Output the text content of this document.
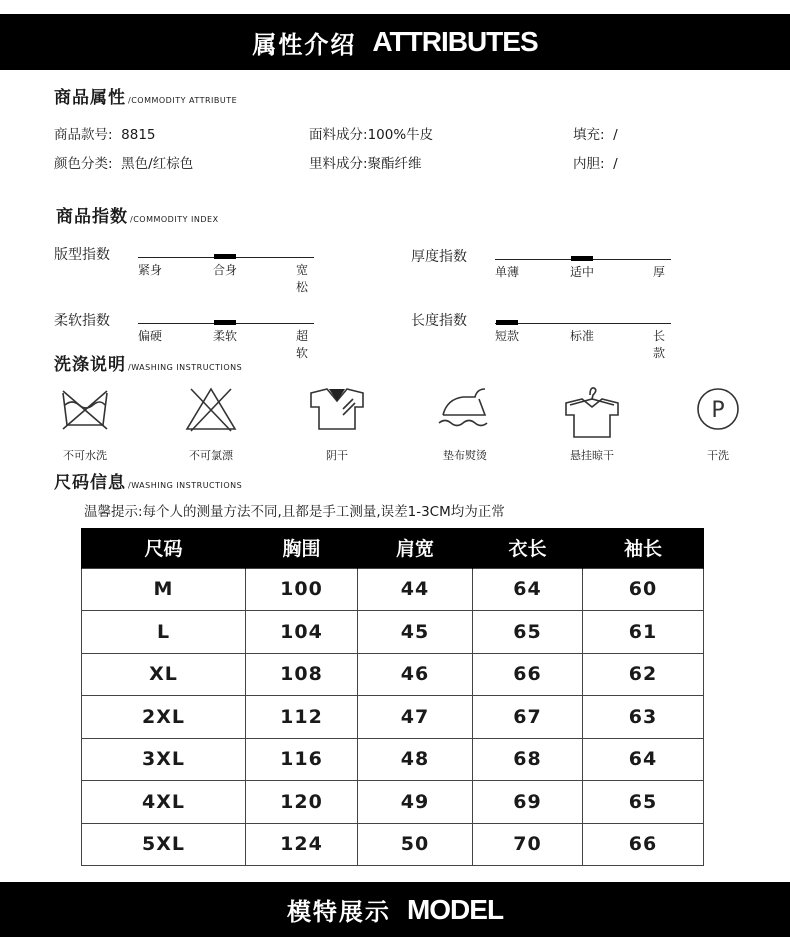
属性介绍 ATTRIBUTES
商品属性 /COMMODITY ATTRIBUTE
商品款号: 8815	面料成分:100%牛皮	填充: /
颜色分类: 黑色/红棕色	里料成分:聚酯纤维	内胆: /
商品指数 /COMMODITY INDEX
版型指数
紧身	合身	宽松
厚度指数
单薄	适中	厚
柔软指数
偏硬	柔软	超软
长度指数
短款	标准	长款
洗涤说明 /WASHING INSTRUCTIONS
不可水洗	不可氯漂	阴干	垫布熨烫	悬挂晾干
P
干洗
尺码信息 /WASHING INSTRUCTIONS
温馨提示:每个人的测量方法不同,且都是手工测量,误差1-3CM均为正常
尺码	胸围	肩宽	衣长	袖长
M	100	44	64	60
L	104	45	65	61
XL	108	46	66	62
2XL	112	47	67	63
3XL	116	48	68	64
4XL	120	49	69	65
5XL	124	50	70	66
模特展示 MODEL
